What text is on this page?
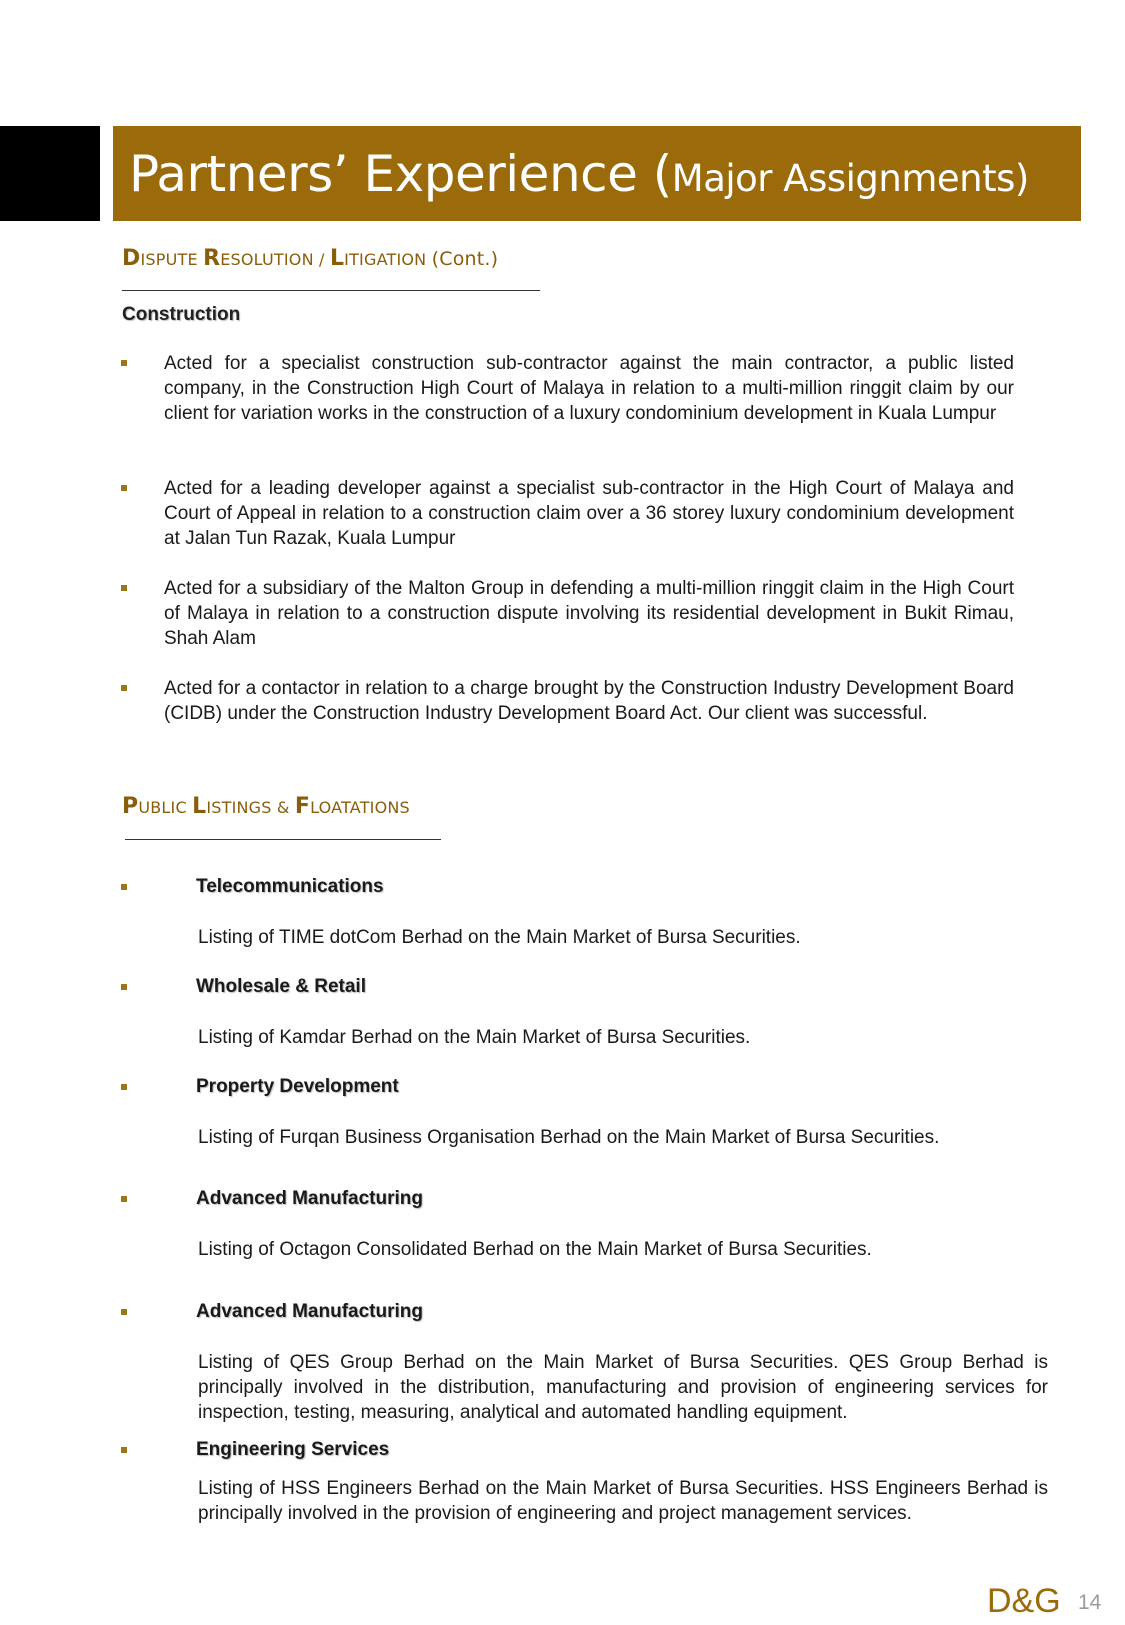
Partners’ Experience (Major Assignments)
DISPUTE RESOLUTION / LITIGATION (Cont.)
Construction
Acted for a specialist construction sub-contractor against the main contractor, a public listed company, in the Construction High Court of Malaya in relation to a multi-million ringgit claim by our client for variation works in the construction of a luxury condominium development in Kuala Lumpur
Acted for a leading developer against a specialist sub-contractor in the High Court of Malaya and Court of Appeal in relation to a construction claim over a 36 storey luxury condominium development at Jalan Tun Razak, Kuala Lumpur
Acted for a subsidiary of the Malton Group in defending a multi-million ringgit claim in the High Court of Malaya in relation to a construction dispute involving its residential development in Bukit Rimau, Shah Alam
Acted for a contactor in relation to a charge brought by the Construction Industry Development Board (CIDB) under the Construction Industry Development Board Act. Our client was successful.
PUBLIC LISTINGS & FLOATATIONS
Telecommunications
Listing of TIME dotCom Berhad on the Main Market of Bursa Securities.
Wholesale & Retail
Listing of Kamdar Berhad on the Main Market of Bursa Securities.
Property Development
Listing of Furqan Business Organisation Berhad on the Main Market of Bursa Securities.
Advanced Manufacturing
Listing of Octagon Consolidated Berhad on the Main Market of Bursa Securities.
Advanced Manufacturing
Listing of QES Group Berhad on the Main Market of Bursa Securities. QES Group Berhad is principally involved in the distribution, manufacturing and provision of engineering services for inspection, testing, measuring, analytical and automated handling equipment.
Engineering Services
Listing of HSS Engineers Berhad on the Main Market of Bursa Securities. HSS Engineers Berhad is principally involved in the provision of engineering and project management services.
D&G 14
